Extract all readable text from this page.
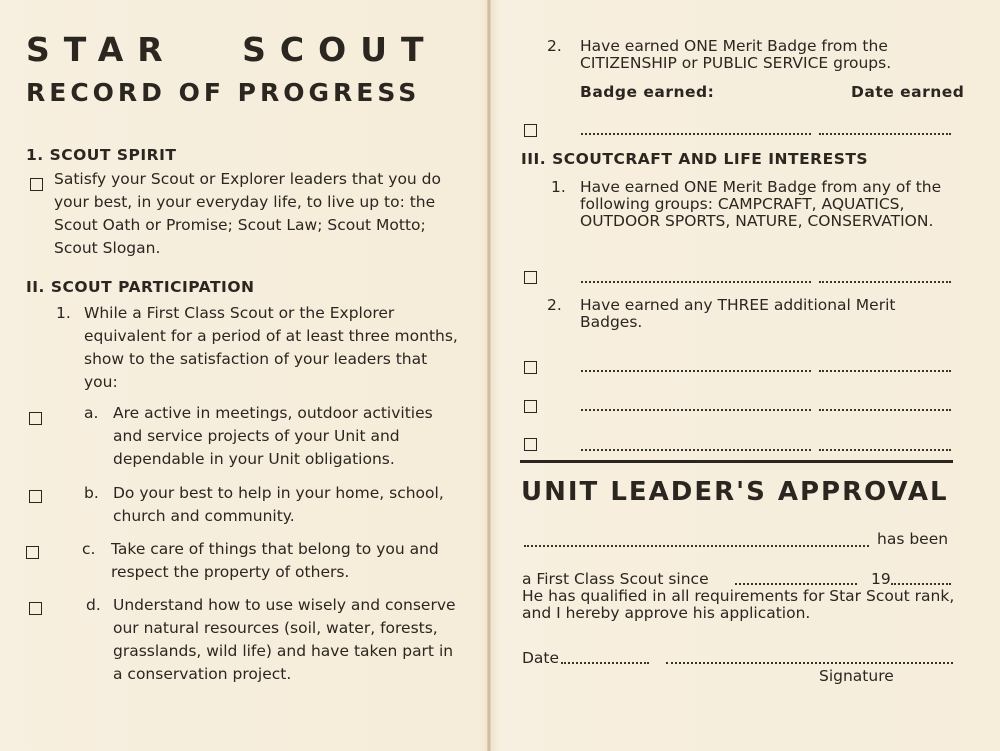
STAR SCOUT
RECORD OF PROGRESS
1. SCOUT SPIRIT
Satisfy your Scout or Explorer leaders that you do your best, in your everyday life, to live up to: the Scout Oath or Promise; Scout Law; Scout Motto; Scout Slogan.
II. SCOUT PARTICIPATION
1. While a First Class Scout or the Explorer equivalent for a period of at least three months, show to the satisfaction of your leaders that you:
a. Are active in meetings, outdoor activities and service projects of your Unit and dependable in your Unit obligations.
b. Do your best to help in your home, school, church and community.
c. Take care of things that belong to you and respect the property of others.
d. Understand how to use wisely and conserve our natural resources (soil, water, forests, grasslands, wild life) and have taken part in a conservation project.
2. Have earned ONE Merit Badge from the CITIZENSHIP or PUBLIC SERVICE groups.
Badge earned:	Date earned
III. SCOUTCRAFT AND LIFE INTERESTS
1. Have earned ONE Merit Badge from any of the following groups: CAMPCRAFT, AQUATICS, OUTDOOR SPORTS, NATURE, CONSERVATION.
2. Have earned any THREE additional Merit Badges.
UNIT LEADER'S APPROVAL
has been
a First Class Scout since	19
He has qualified in all requirements for Star Scout rank, and I hereby approve his application.
Date
Signature
